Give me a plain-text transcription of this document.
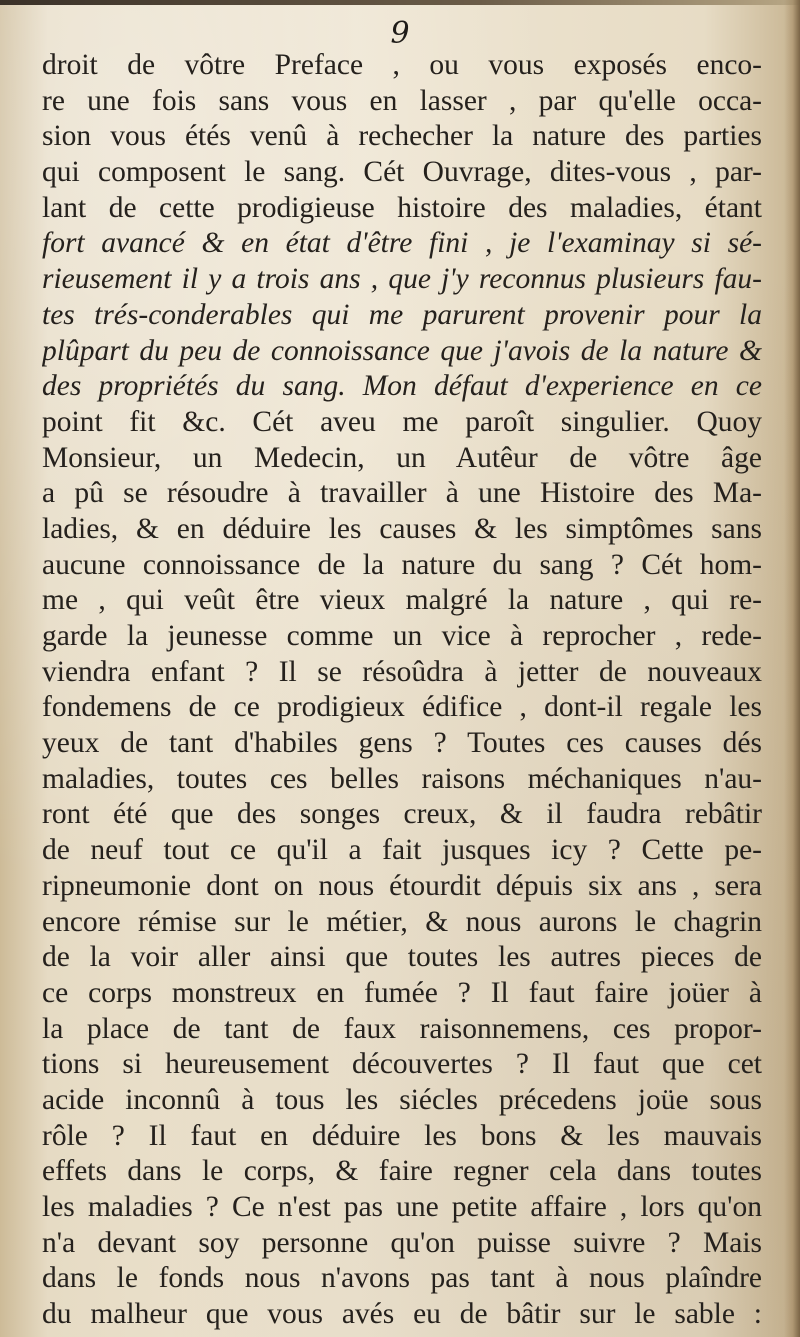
9
droit de vôtre Preface , ou vous exposés enco-
re une fois sans vous en lasser , par qu'elle occa-
sion vous étés venû à rechecher la nature des parties
qui composent le sang. Cét Ouvrage, dites-vous , par-
lant de cette prodigieuse histoire des maladies, étant
fort avancé & en état d'être fini , je l'examinay si sé-
rieusement il y a trois ans , que j'y reconnus plusieurs fau-
tes trés-conderables qui me parurent provenir pour la
plûpart du peu de connoissance que j'avois de la nature &
des propriétés du sang. Mon défaut d'experience en ce
point fit &c. Cét aveu me paroît singulier. Quoy
Monsieur, un Medecin, un Autêur de vôtre âge
a pû se résoudre à travailler à une Histoire des Ma-
ladies, & en déduire les causes & les simptômes sans
aucune connoissance de la nature du sang ? Cét hom-
me , qui veût être vieux malgré la nature , qui re-
garde la jeunesse comme un vice à reprocher , rede-
viendra enfant ? Il se résoûdra à jetter de nouveaux
fondemens de ce prodigieux édifice , dont-il regale les
yeux de tant d'habiles gens ? Toutes ces causes dés
maladies, toutes ces belles raisons méchaniques n'au-
ront été que des songes creux, & il faudra rebâtir
de neuf tout ce qu'il a fait jusques icy ? Cette pe-
ripneumonie dont on nous étourdit dépuis six ans , sera
encore rémise sur le métier, & nous aurons le chagrin
de la voir aller ainsi que toutes les autres pieces de
ce corps monstreux en fumée ? Il faut faire joüer à
la place de tant de faux raisonnemens, ces propor-
tions si heureusement découvertes ? Il faut que cet
acide inconnû à tous les siécles précedens joüe sous
rôle ? Il faut en déduire les bons & les mauvais
effets dans le corps, & faire regner cela dans toutes
les maladies ? Ce n'est pas une petite affaire , lors qu'on
n'a devant soy personne qu'on puisse suivre ? Mais
dans le fonds nous n'avons pas tant à nous plaîndre
du malheur que vous avés eu de bâtir sur le sable :
